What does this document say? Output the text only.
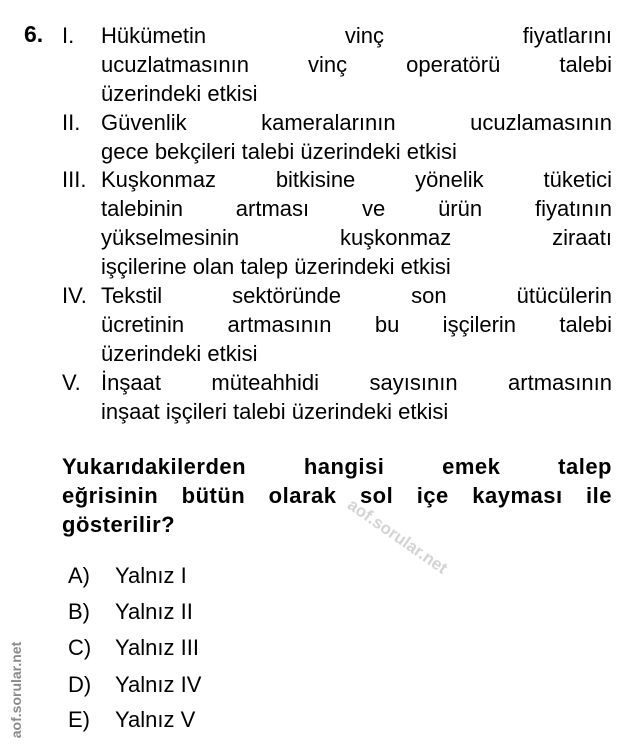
6. I. Hükümetin vinç fiyatlarını
ucuzlatmasının vinç operatörü talebi
üzerindeki etkisi
II. Güvenlik kameralarının ucuzlamasının
gece bekçileri talebi üzerindeki etkisi
III. Kuşkonmaz bitkisine yönelik tüketici
talebinin artması ve ürün fiyatının
yükselmesinin kuşkonmaz ziraatı
işçilerine olan talep üzerindeki etkisi
IV. Tekstil sektöründe son ütücülerin
ücretinin artmasının bu işçilerin talebi
üzerindeki etkisi
V. İnşaat müteahhidi sayısının artmasının
inşaat işçileri talebi üzerindeki etkisi
Yukarıdakilerden hangisi emek talep
eğrisinin bütün olarak sol içe kayması ile
gösterilir?
A) Yalnız I
B) Yalnız II
C) Yalnız III
D) Yalnız IV
E) Yalnız V
aof.sorular.net
aof.sorular.net
